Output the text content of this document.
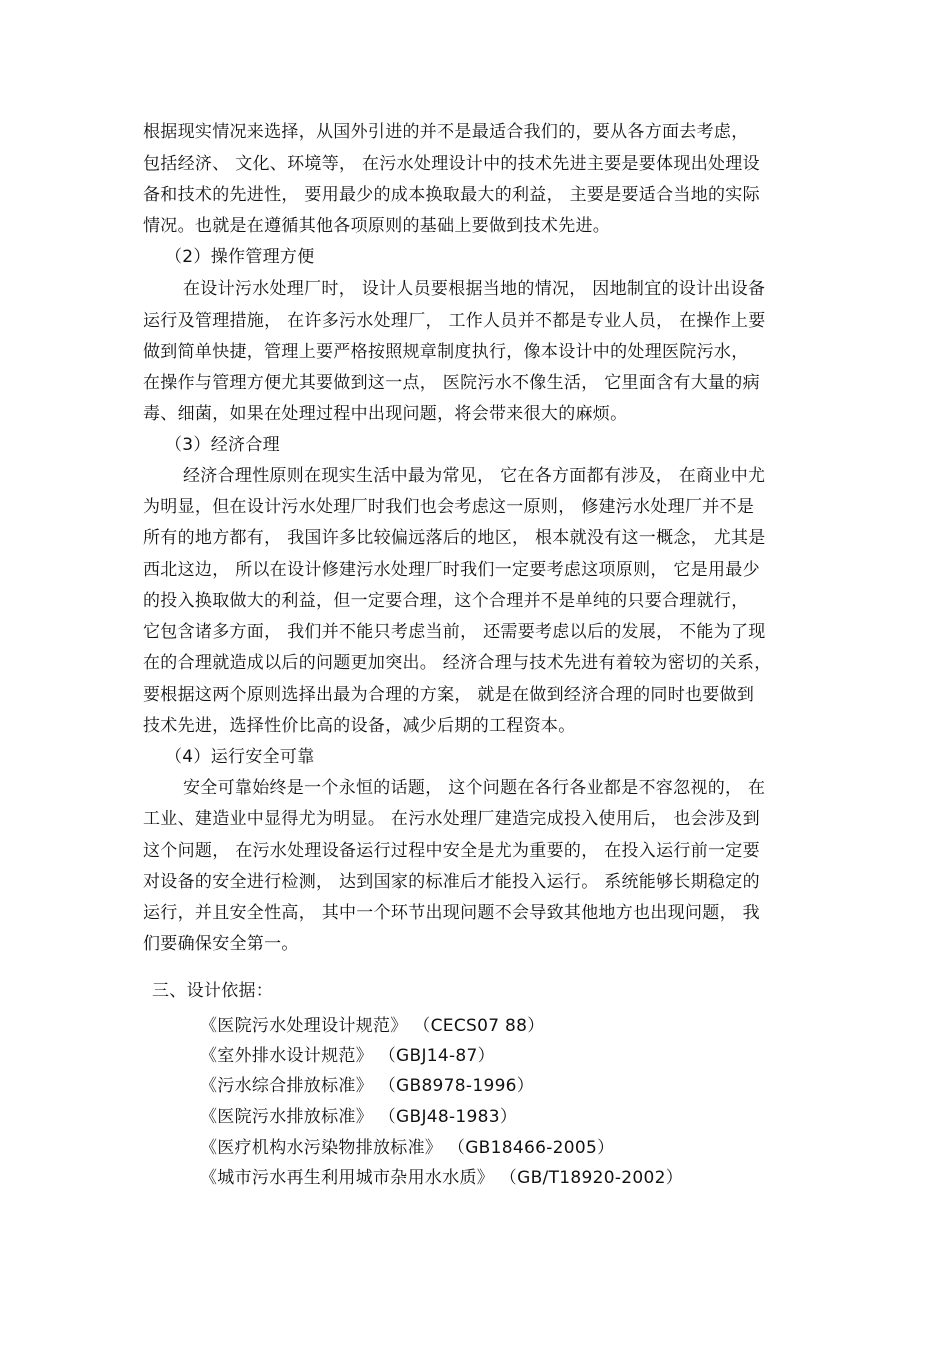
根据现实情况来选择，从国外引进的并不是最适合我们的，要从各方面去考虑，
包括经济、 文化、环境等， 在污水处理设计中的技术先进主要是要体现出处理设
备和技术的先进性， 要用最少的成本换取最大的利益， 主要是要适合当地的实际
情况。也就是在遵循其他各项原则的基础上要做到技术先进。
（2）操作管理方便
在设计污水处理厂时， 设计人员要根据当地的情况， 因地制宜的设计出设备
运行及管理措施， 在许多污水处理厂， 工作人员并不都是专业人员， 在操作上要
做到简单快捷，管理上要严格按照规章制度执行，像本设计中的处理医院污水，
在操作与管理方便尤其要做到这一点， 医院污水不像生活， 它里面含有大量的病
毒、细菌，如果在处理过程中出现问题，将会带来很大的麻烦。
（3）经济合理
经济合理性原则在现实生活中最为常见， 它在各方面都有涉及， 在商业中尤
为明显，但在设计污水处理厂时我们也会考虑这一原则， 修建污水处理厂并不是
所有的地方都有， 我国许多比较偏远落后的地区， 根本就没有这一概念， 尤其是
西北这边， 所以在设计修建污水处理厂时我们一定要考虑这项原则， 它是用最少
的投入换取做大的利益，但一定要合理，这个合理并不是单纯的只要合理就行，
它包含诸多方面， 我们并不能只考虑当前， 还需要考虑以后的发展， 不能为了现
在的合理就造成以后的问题更加突出。 经济合理与技术先进有着较为密切的关系，
要根据这两个原则选择出最为合理的方案， 就是在做到经济合理的同时也要做到
技术先进，选择性价比高的设备，减少后期的工程资本。
（4）运行安全可靠
安全可靠始终是一个永恒的话题， 这个问题在各行各业都是不容忽视的， 在
工业、建造业中显得尤为明显。 在污水处理厂建造完成投入使用后， 也会涉及到
这个问题， 在污水处理设备运行过程中安全是尤为重要的， 在投入运行前一定要
对设备的安全进行检测， 达到国家的标准后才能投入运行。 系统能够长期稳定的
运行，并且安全性高， 其中一个环节出现问题不会导致其他地方也出现问题， 我
们要确保安全第一。
三、设计依据：
《医院污水处理设计规范》 （CECS07 88）
《室外排水设计规范》 （GBJ14-87）
《污水综合排放标准》 （GB8978-1996）
《医院污水排放标准》 （GBJ48-1983）
《医疗机构水污染物排放标准》 （GB18466-2005）
《城市污水再生利用城市杂用水水质》 （GB/T18920-2002）
